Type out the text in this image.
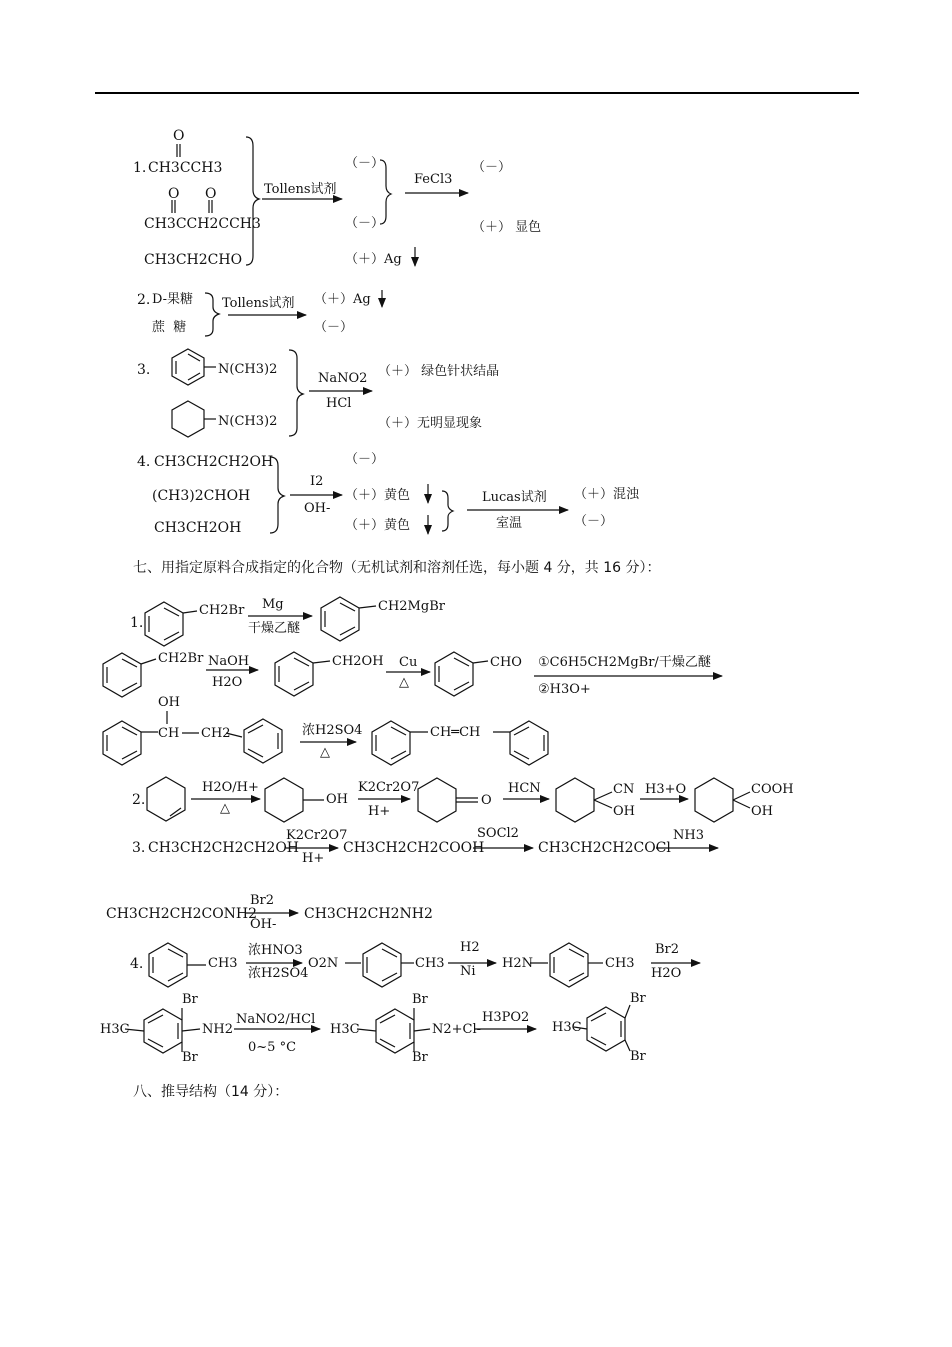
1.
O
CH3CCH3
O O
CH3CCH2CCH3
CH3CH2CHO
Tollens试剂
（－）
（－）
（＋）Ag
FeCl3
（－）
（＋） 显色
2. D-果糖
蔗  糖
Tollens试剂 （＋）Ag
（－）
3.	N(CH3)2
N(CH3)2
NaNO2
HCl
（＋） 绿色针状结晶
（＋）无明显现象
4. CH3CH2CH2OH
(CH3)2CHOH
CH3CH2OH
I2
OH-
（－）
（＋）黄色
（＋）黄色
Lucas试剂
室温
（＋）混浊
（－）
七、用指定原料合成指定的化合物（无机试剂和溶剂任选，每小题 4 分，共 16 分）：
1.
CH2Br Mg
干燥乙醚
CH2MgBr
CH2Br NaOH
H2O
CH2OH Cu
△
CHO ①C6H5CH2MgBr/干燥乙醚
②H3O+
OH
CH CH2	浓H2SO4
△
CH═CH
2.
H2O/H+
△
OH
K2Cr2O7
H+
O
HCN	CN
OH
H3+O	COOH
OH
3. CH3CH2CH2CH2OH
K2Cr2O7
H+
CH3CH2CH2COOH
SOCl2
CH3CH2CH2COCl
NH3
CH3CH2CH2CONH2
Br2
OH-
CH3CH2CH2NH2
4.	CH3
浓HNO3
浓H2SO4
O2N	CH3
H2
Ni
H2N	CH3
Br2
H2O
H3C
Br
Br
NH2
NaNO2/HCl
0~5 °C
H3C
Br
Br
N2+Cl-
H3PO2
H3C
Br
Br
八、推导结构（14 分）：
